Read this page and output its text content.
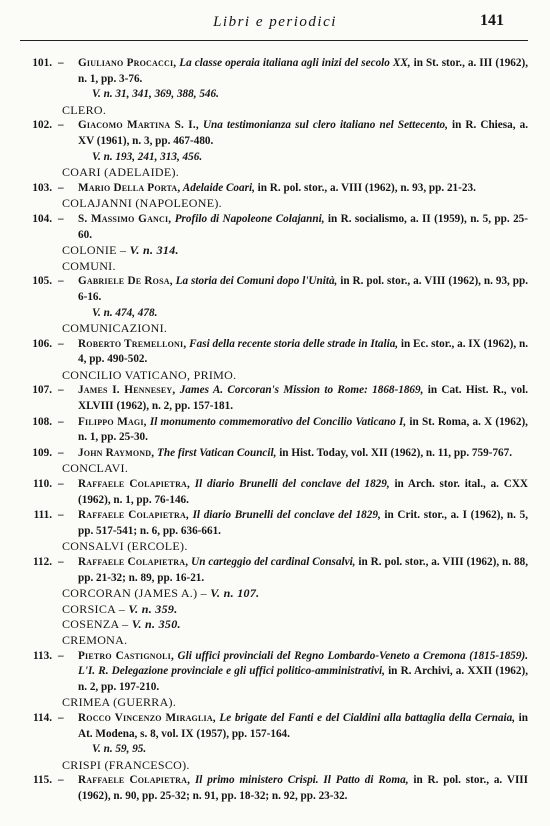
Libri e periodici	141
101. – Giuliano Procacci, La classe operaia italiana agli inizi del secolo XX, in St. stor., a. III (1962), n. 1, pp. 3-76.
V. n. 31, 341, 369, 388, 546.
CLERO.
102. – Giacomo Martina S. I., Una testimonianza sul clero italiano nel Settecento, in R. Chiesa, a. XV (1961), n. 3, pp. 467-480.
V. n. 193, 241, 313, 456.
COARI (ADELAIDE).
103. – Mario Della Porta, Adelaide Coari, in R. pol. stor., a. VIII (1962), n. 93, pp. 21-23.
COLAJANNI (NAPOLEONE).
104. – S. Massimo Ganci, Profilo di Napoleone Colajanni, in R. socialismo, a. II (1959), n. 5, pp. 25-60.
COLONIE – V. n. 314.
COMUNI.
105. – Gabriele De Rosa, La storia dei Comuni dopo l'Unità, in R. pol. stor., a. VIII (1962), n. 93, pp. 6-16.
V. n. 474, 478.
COMUNICAZIONI.
106. – Roberto Tremelloni, Fasi della recente storia delle strade in Italia, in Ec. stor., a. IX (1962), n. 4, pp. 490-502.
CONCILIO VATICANO, PRIMO.
107. – James I. Hennesey, James A. Corcoran's Mission to Rome: 1868-1869, in Cat. Hist. R., vol. XLVIII (1962), n. 2, pp. 157-181.
108. – Filippo Magi, Il monumento commemorativo del Concilio Vaticano I, in St. Roma, a. X (1962), n. 1, pp. 25-30.
109. – John Raymond, The first Vatican Council, in Hist. Today, vol. XII (1962), n. 11, pp. 759-767.
CONCLAVI.
110. – Raffaele Colapietra, Il diario Brunelli del conclave del 1829, in Arch. stor. ital., a. CXX (1962), n. 1, pp. 76-146.
111. – Raffaele Colapietra, Il diario Brunelli del conclave del 1829, in Crit. stor., a. I (1962), n. 5, pp. 517-541; n. 6, pp. 636-661.
CONSALVI (ERCOLE).
112. – Raffaele Colapietra, Un carteggio del cardinal Consalvi, in R. pol. stor., a. VIII (1962), n. 88, pp. 21-32; n. 89, pp. 16-21.
CORCORAN (JAMES A.) – V. n. 107.
CORSICA – V. n. 359.
COSENZA – V. n. 350.
CREMONA.
113. – Pietro Castignoli, Gli uffici provinciali del Regno Lombardo-Veneto a Cremona (1815-1859). L'I. R. Delegazione provinciale e gli uffici politico-amministrativi, in R. Archivi, a. XXII (1962), n. 2, pp. 197-210.
CRIMEA (GUERRA).
114. – Rocco Vincenzo Miraglia, Le brigate del Fanti e del Cialdini alla battaglia della Cernaia, in At. Modena, s. 8, vol. IX (1957), pp. 157-164.
V. n. 59, 95.
CRISPI (FRANCESCO).
115. – Raffaele Colapietra, Il primo ministero Crispi. Il Patto di Roma, in R. pol. stor., a. VIII (1962), n. 90, pp. 25-32; n. 91, pp. 18-32; n. 92, pp. 23-32.
